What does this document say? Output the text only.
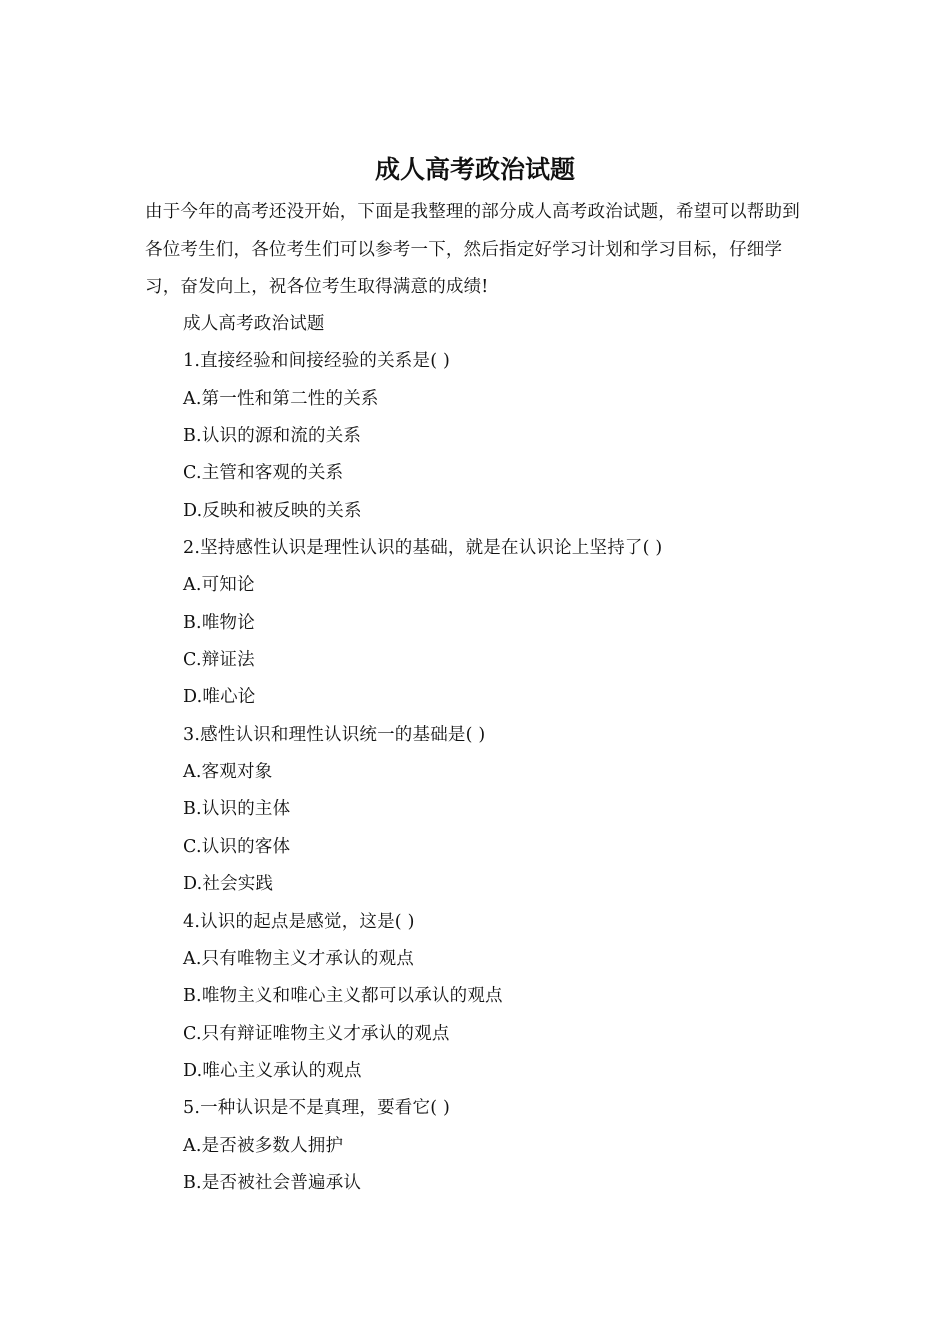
成人高考政治试题
由于今年的高考还没开始，下面是我整理的部分成人高考政治试题，希望可以帮助到各位考生们，各位考生们可以参考一下，然后指定好学习计划和学习目标，仔细学习，奋发向上，祝各位考生取得满意的成绩!
成人高考政治试题
1.直接经验和间接经验的关系是( )
A.第一性和第二性的关系
B.认识的源和流的关系
C.主管和客观的关系
D.反映和被反映的关系
2.坚持感性认识是理性认识的基础，就是在认识论上坚持了( )
A.可知论
B.唯物论
C.辩证法
D.唯心论
3.感性认识和理性认识统一的基础是( )
A.客观对象
B.认识的主体
C.认识的客体
D.社会实践
4.认识的起点是感觉，这是( )
A.只有唯物主义才承认的观点
B.唯物主义和唯心主义都可以承认的观点
C.只有辩证唯物主义才承认的观点
D.唯心主义承认的观点
5.一种认识是不是真理，要看它( )
A.是否被多数人拥护
B.是否被社会普遍承认
